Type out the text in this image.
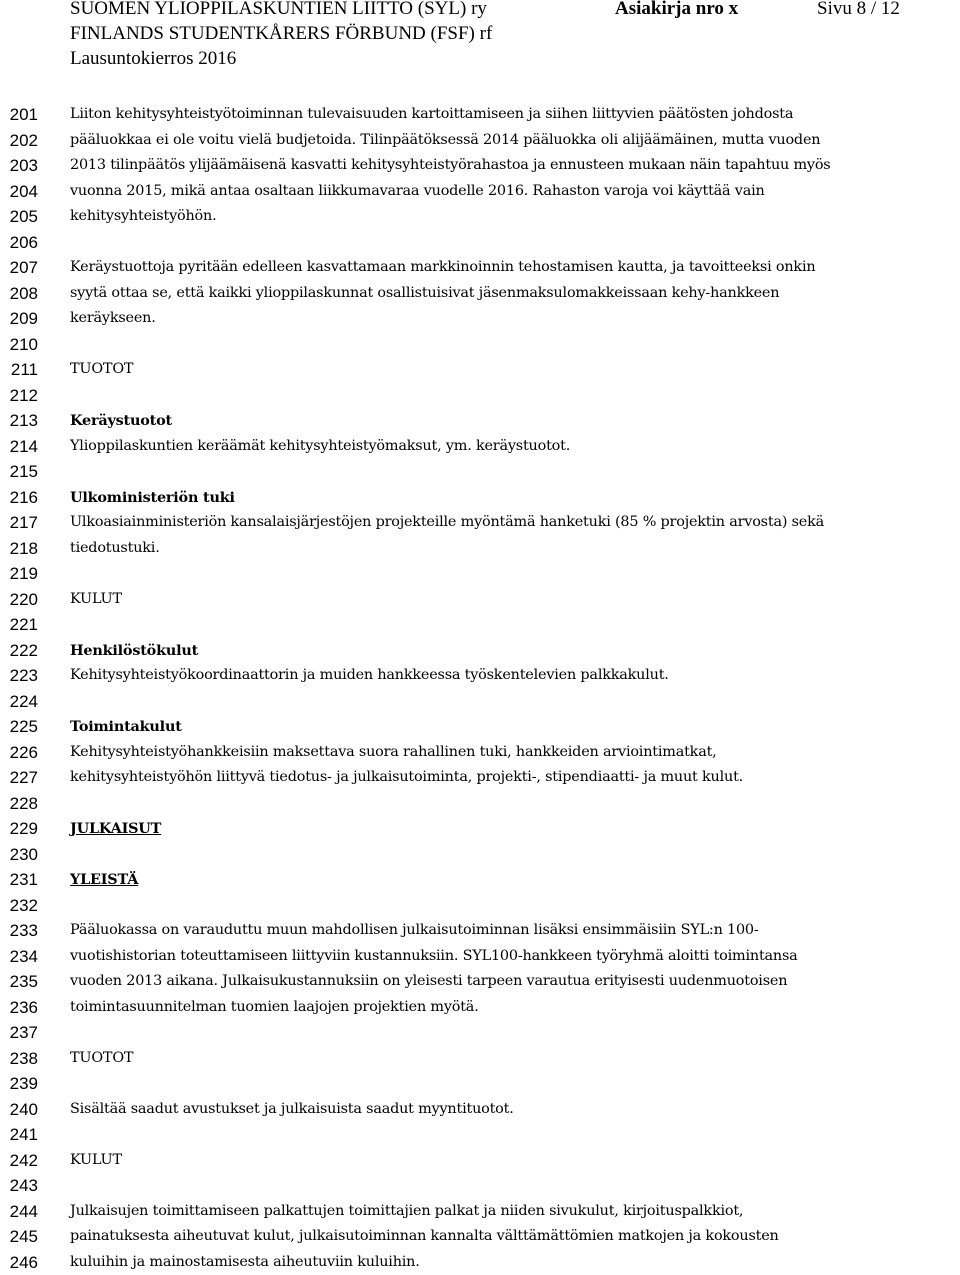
SUOMEN YLIOPPILASKUNTIEN LIITTO (SYL) ry
FINLANDS STUDENTKÅRERS FÖRBUND (FSF) rf
Lausuntokierros 2016
Asiakirja nro x	Sivu 8 / 12
201
202
203
204
205
206
207
208
209
210
211
212
213
214
215
216
217
218
219
220
221
222
223
224
225
226
227
228
229
230
231
232
233
234
235
236
237
238
239
240
241
242
243
244
245
246
Liiton kehitysyhteistyötoiminnan tulevaisuuden kartoittamiseen ja siihen liittyvien päätösten johdosta
pääluokkaa ei ole voitu vielä budjetoida. Tilinpäätöksessä 2014 pääluokka oli alijäämäinen, mutta vuoden
2013 tilinpäätös ylijäämäisenä kasvatti kehitysyhteistyörahastoa ja ennusteen mukaan näin tapahtuu myös
vuonna 2015, mikä antaa osaltaan liikkumavaraa vuodelle 2016. Rahaston varoja voi käyttää vain
kehitysyhteistyöhön.
Keräystuottoja pyritään edelleen kasvattamaan markkinoinnin tehostamisen kautta, ja tavoitteeksi onkin
syytä ottaa se, että kaikki ylioppilaskunnat osallistuisivat jäsenmaksulomakkeissaan kehy-hankkeen
keräykseen.
TUOTOT
Keräystuotot
Ylioppilaskuntien keräämät kehitysyhteistyömaksut, ym. keräystuotot.
Ulkoministeriön tuki
Ulkoasiainministeriön kansalaisjärjestöjen projekteille myöntämä hanketuki (85 % projektin arvosta) sekä
tiedotustuki.
KULUT
Henkilöstökulut
Kehitysyhteistyökoordinaattorin ja muiden hankkeessa työskentelevien palkkakulut.
Toimintakulut
Kehitysyhteistyöhankkeisiin maksettava suora rahallinen tuki, hankkeiden arviointimatkat,
kehitysyhteistyöhön liittyvä tiedotus- ja julkaisutoiminta, projekti-, stipendiaatti- ja muut kulut.
JULKAISUT
YLEISTÄ
Pääluokassa on varauduttu muun mahdollisen julkaisutoiminnan lisäksi ensimmäisiin SYL:n 100-
vuotishistorian toteuttamiseen liittyviin kustannuksiin. SYL100-hankkeen työryhmä aloitti toimintansa
vuoden 2013 aikana. Julkaisukustannuksiin on yleisesti tarpeen varautua erityisesti uudenmuotoisen
toimintasuunnitelman tuomien laajojen projektien myötä.
TUOTOT
Sisältää saadut avustukset ja julkaisuista saadut myyntituotot.
KULUT
Julkaisujen toimittamiseen palkattujen toimittajien palkat ja niiden sivukulut, kirjoituspalkkiot,
painatuksesta aiheutuvat kulut, julkaisutoiminnan kannalta välttämättömien matkojen ja kokousten
kuluihin ja mainostamisesta aiheutuviin kuluihin.
